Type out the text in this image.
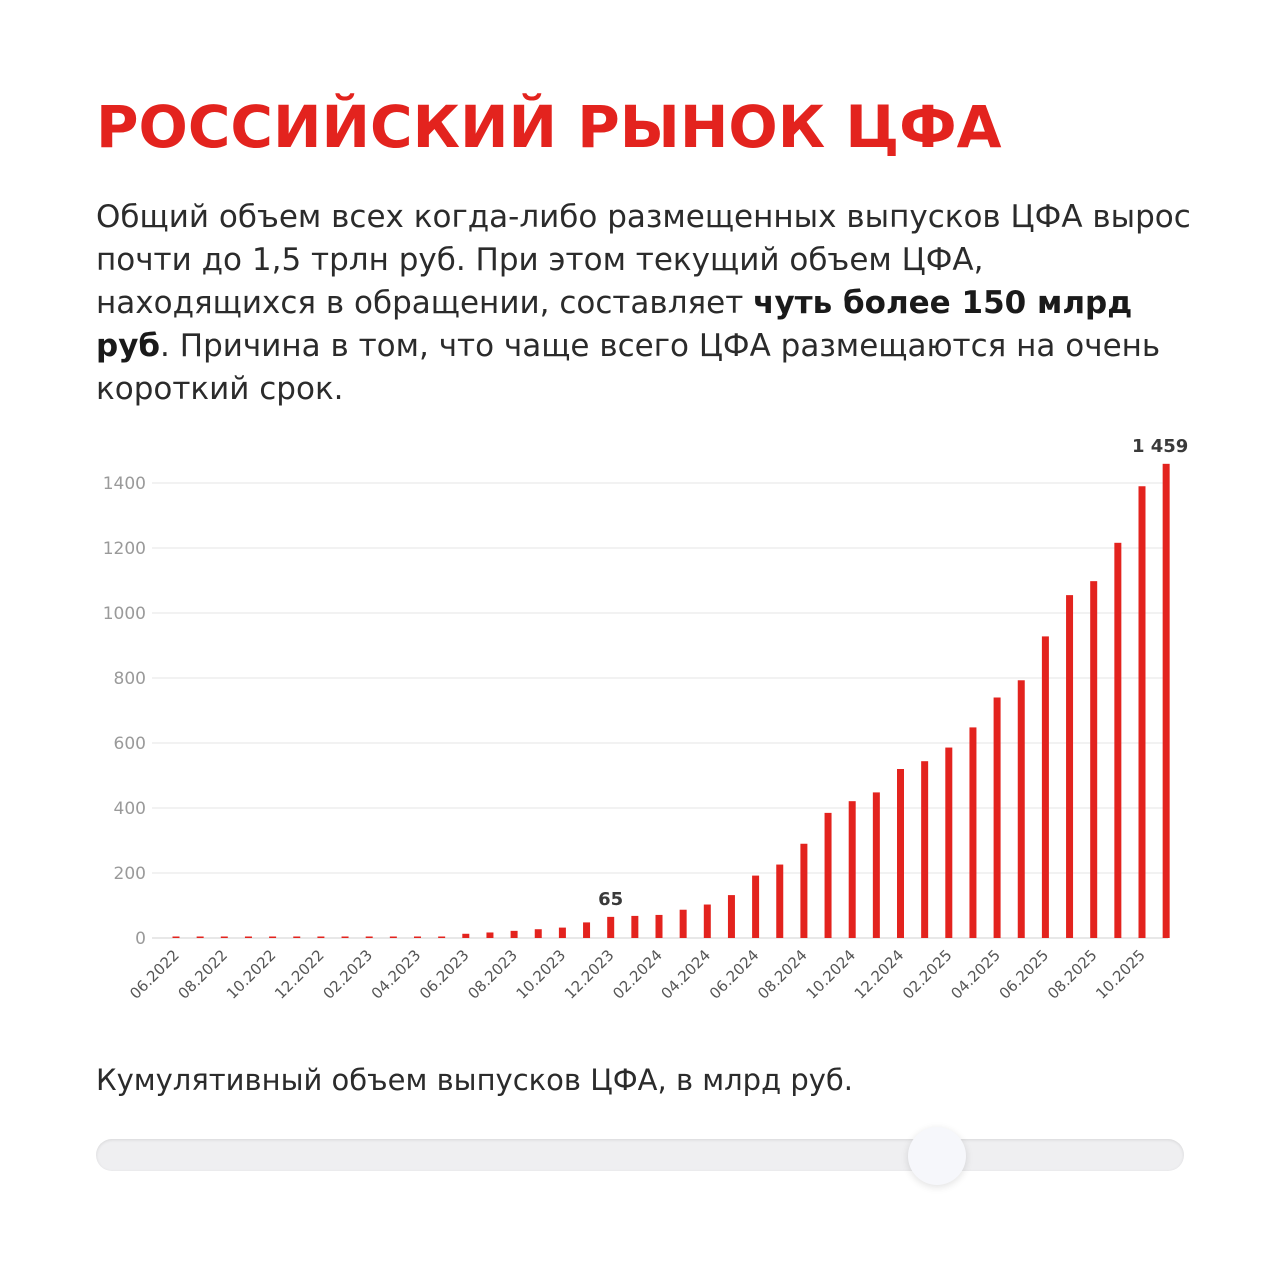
РОССИЙСКИЙ РЫНОК ЦФА

Общий объем всех когда-либо размещенных выпусков ЦФА вырос почти до 1,5 трлн руб. При этом текущий объем ЦФА, находящихся в обращении, составляет чуть более 150 млрд руб. Причина в том, что чаще всего ЦФА размещаются на очень короткий срок.

0
200
400
600
800
1000
1200
1400
06.2022
08.2022
10.2022
12.2022
02.2023
04.2023
06.2023
08.2023
10.2023
12.2023
02.2024
04.2024
06.2024
08.2024
10.2024
12.2024
02.2025
04.2025
06.2025
08.2025
10.2025
65
1 459

Кумулятивный объем выпусков ЦФА, в млрд руб.
